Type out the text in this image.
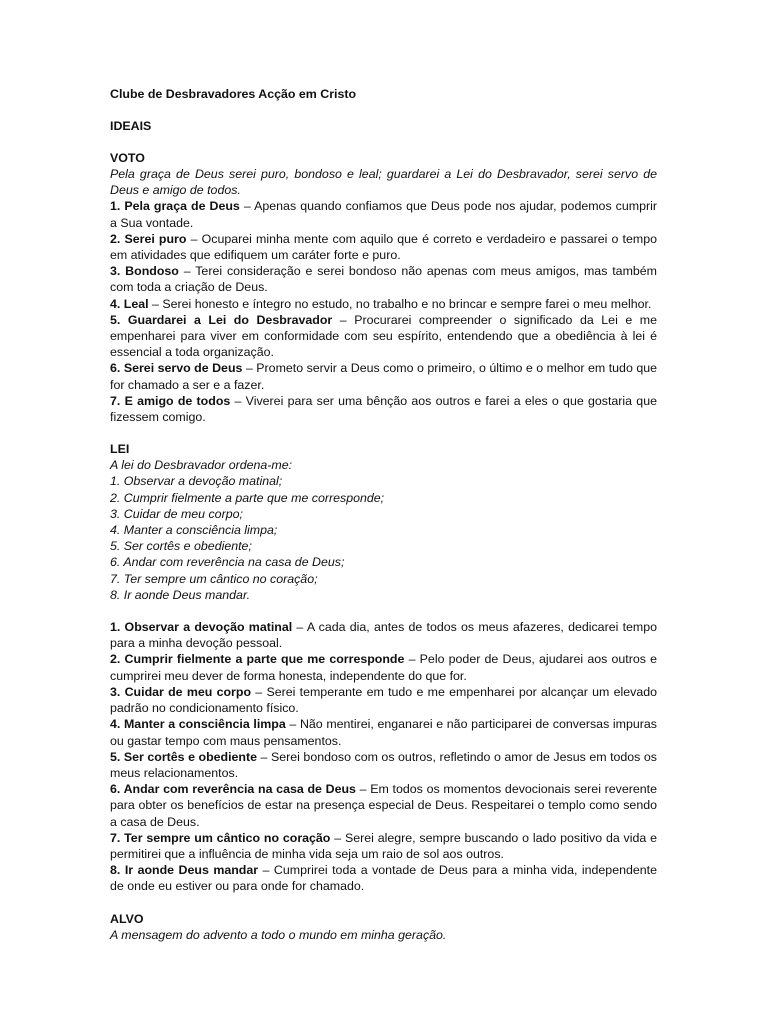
Clube de Desbravadores Acção em Cristo
IDEAIS
VOTO

Pela graça de Deus serei puro, bondoso e leal; guardarei a Lei do Desbravador, serei servo de Deus e amigo de todos.

1. Pela graça de Deus – Apenas quando confiamos que Deus pode nos ajudar, podemos cumprir a Sua vontade.

2. Serei puro – Ocuparei minha mente com aquilo que é correto e verdadeiro e passarei o tempo em atividades que edifiquem um caráter forte e puro.

3. Bondoso – Terei consideração e serei bondoso não apenas com meus amigos, mas também com toda a criação de Deus.

4. Leal – Serei honesto e íntegro no estudo, no trabalho e no brincar e sempre farei o meu melhor.

5. Guardarei a Lei do Desbravador – Procurarei compreender o significado da Lei e me empenharei para viver em conformidade com seu espírito, entendendo que a obediência à lei é essencial a toda organização.

6. Serei servo de Deus – Prometo servir a Deus como o primeiro, o último e o melhor em tudo que for chamado a ser e a fazer.

7. E amigo de todos – Viverei para ser uma bênção aos outros e farei a eles o que gostaria que fizessem comigo.

LEI
A lei do Desbravador ordena-me:
1. Observar a devoção matinal;
2. Cumprir fielmente a parte que me corresponde;
3. Cuidar de meu corpo;
4. Manter a consciência limpa;
5. Ser cortês e obediente;
6. Andar com reverência na casa de Deus;
7. Ter sempre um cântico no coração;
8. Ir aonde Deus mandar.

1. Observar a devoção matinal – A cada dia, antes de todos os meus afazeres, dedicarei tempo para a minha devoção pessoal.

2. Cumprir fielmente a parte que me corresponde – Pelo poder de Deus, ajudarei aos outros e cumprirei meu dever de forma honesta, independente do que for.

3. Cuidar de meu corpo – Serei temperante em tudo e me empenharei por alcançar um elevado padrão no condicionamento físico.

4. Manter a consciência limpa – Não mentirei, enganarei e não participarei de conversas impuras ou gastar tempo com maus pensamentos.

5. Ser cortês e obediente – Serei bondoso com os outros, refletindo o amor de Jesus em todos os meus relacionamentos.

6. Andar com reverência na casa de Deus – Em todos os momentos devocionais serei reverente para obter os benefícios de estar na presença especial de Deus. Respeitarei o templo como sendo a casa de Deus.

7. Ter sempre um cântico no coração – Serei alegre, sempre buscando o lado positivo da vida e permitirei que a influência de minha vida seja um raio de sol aos outros.

8. Ir aonde Deus mandar – Cumprirei toda a vontade de Deus para a minha vida, independente de onde eu estiver ou para onde for chamado.

ALVO

A mensagem do advento a todo o mundo em minha geração.
